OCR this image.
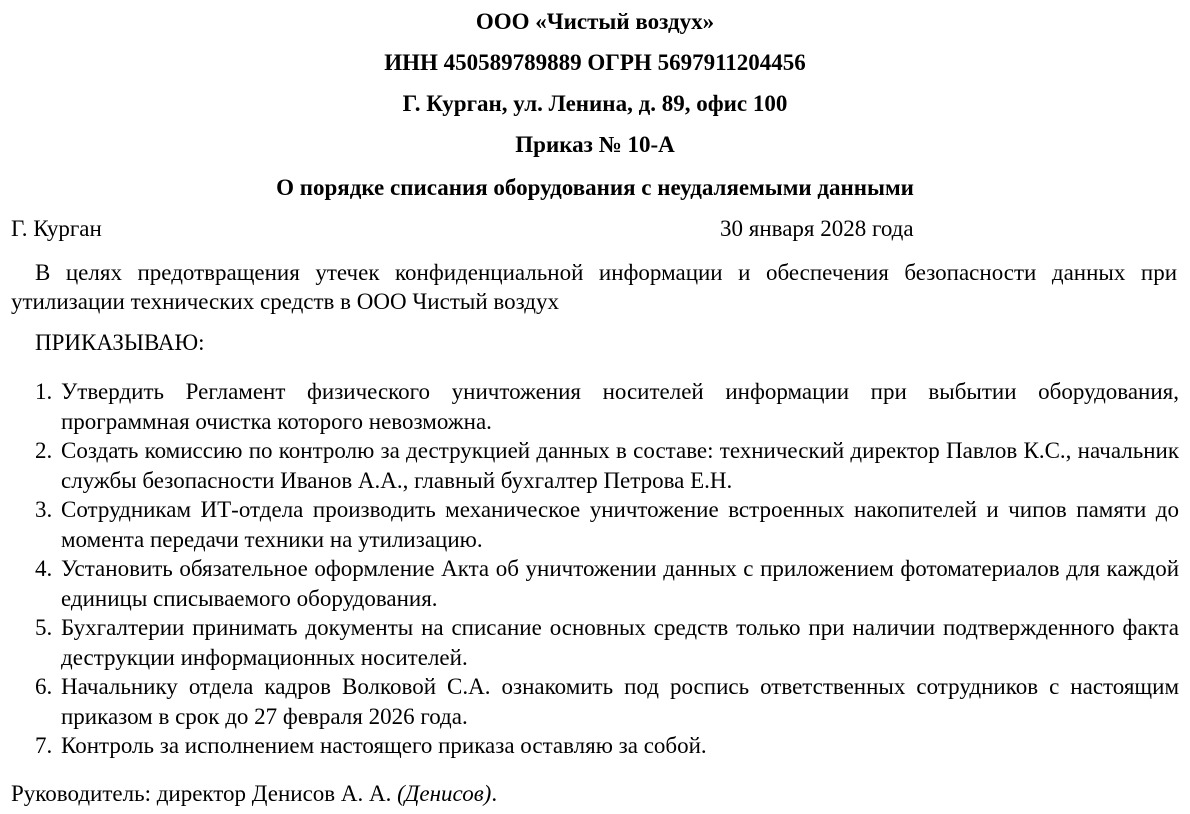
ООО «Чистый воздух»

ИНН 450589789889 ОГРН 5697911204456

Г. Курган, ул. Ленина, д. 89, офис 100

Приказ № 10-А

О порядке списания оборудования с неудаляемыми данными

Г. Курган	30 января 2028 года

В целях предотвращения утечек конфиденциальной информации и обеспечения безопасности данных при утилизации технических средств в ООО Чистый воздух

ПРИКАЗЫВАЮ:

1. Утвердить Регламент физического уничтожения носителей информации при выбытии оборудования, программная очистка которого невозможна.
2. Создать комиссию по контролю за деструкцией данных в составе: технический директор Павлов К.С., начальник службы безопасности Иванов А.А., главный бухгалтер Петрова Е.Н.
3. Сотрудникам ИТ-отдела производить механическое уничтожение встроенных накопителей и чипов памяти до момента передачи техники на утилизацию.
4. Установить обязательное оформление Акта об уничтожении данных с приложением фотоматериалов для каждой единицы списываемого оборудования.
5. Бухгалтерии принимать документы на списание основных средств только при наличии подтвержденного факта деструкции информационных носителей.
6. Начальнику отдела кадров Волковой С.А. ознакомить под роспись ответственных сотрудников с настоящим приказом в срок до 27 февраля 2026 года.
7. Контроль за исполнением настоящего приказа оставляю за собой.

Руководитель: директор Денисов А. А. (Денисов).
